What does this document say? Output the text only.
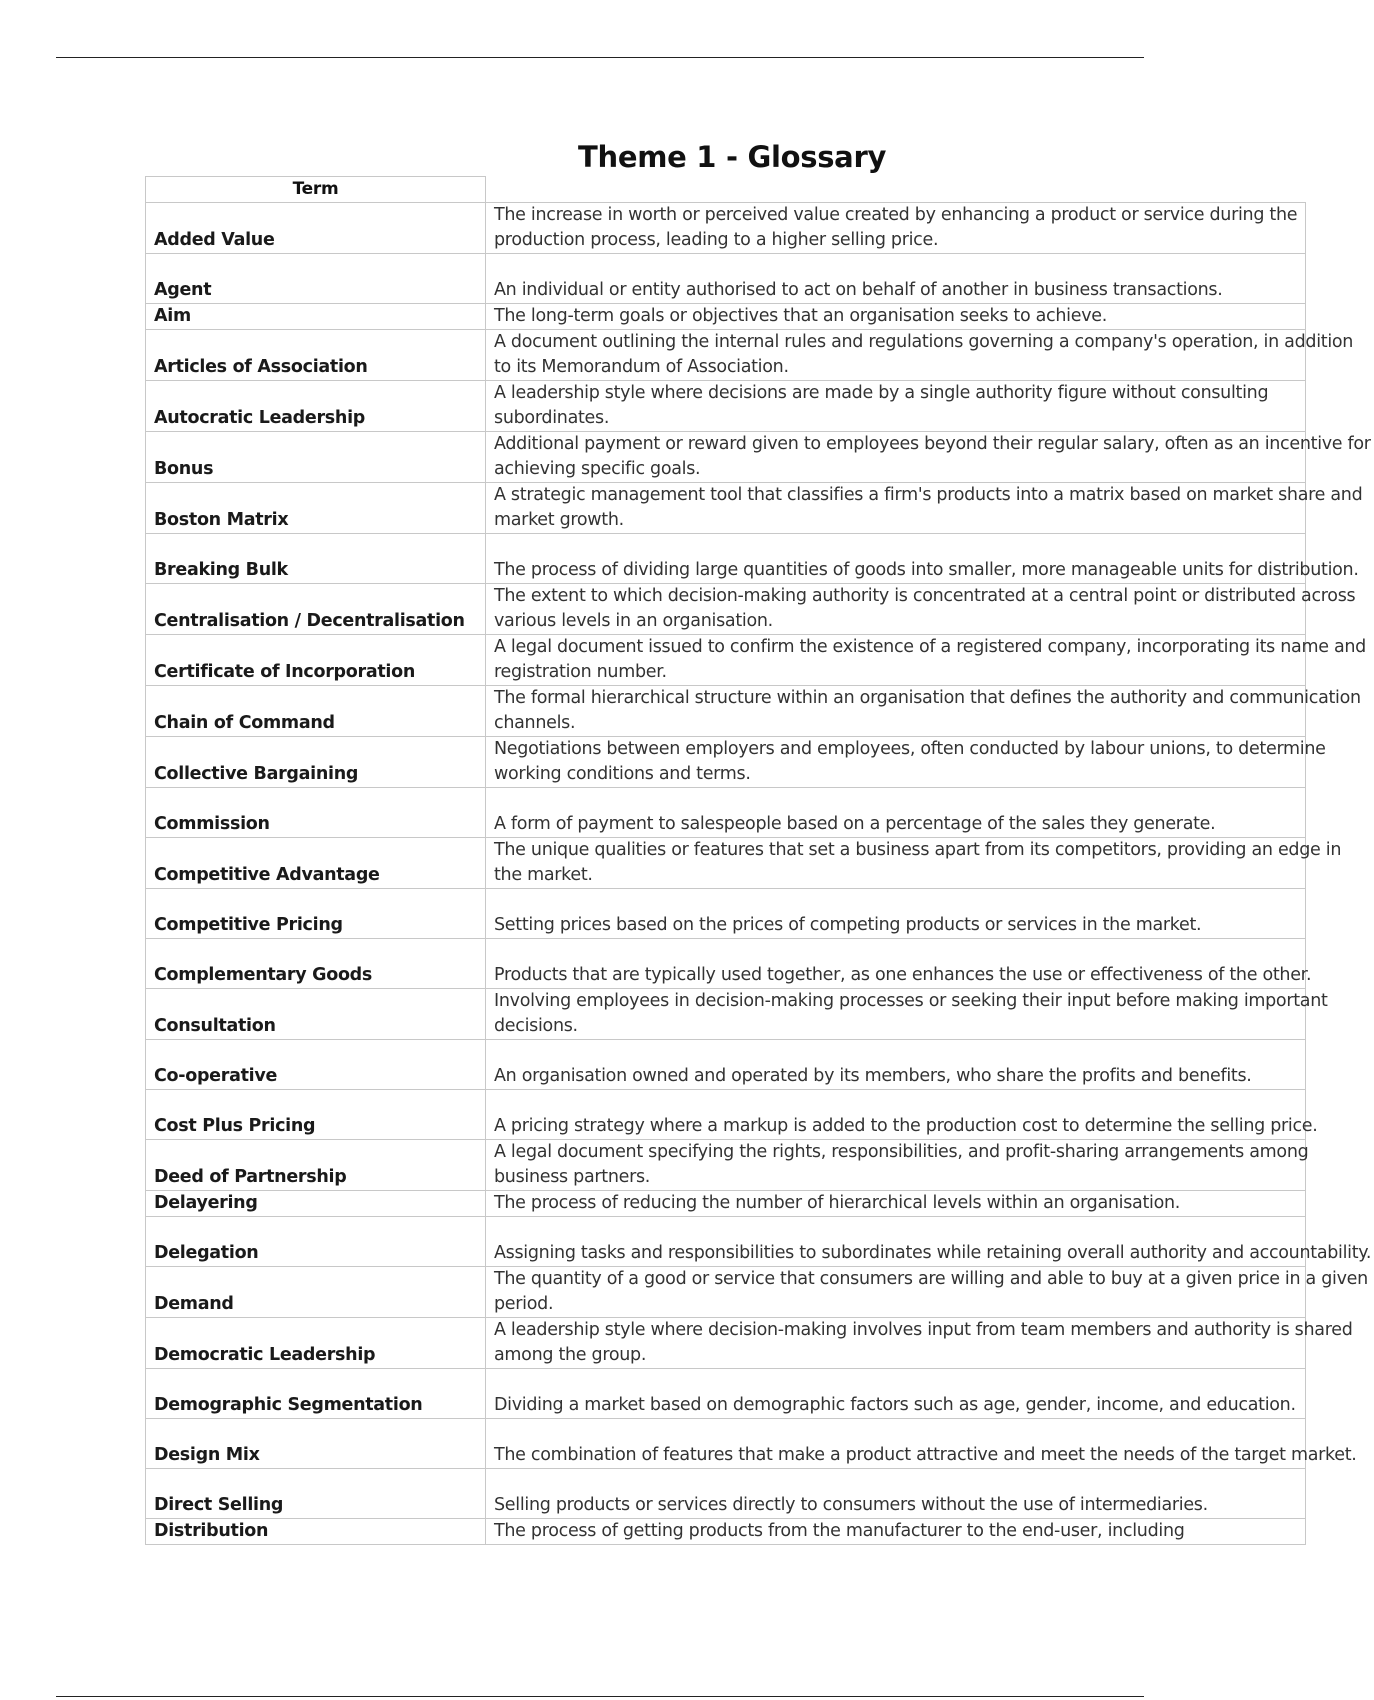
Theme 1 - Glossary
Term	
Added Value	The increase in worth or perceived value created by enhancing a product or service during the production process, leading to a higher selling price.

Agent	An individual or entity authorised to act on behalf of another in business transactions.

Aim	The long-term goals or objectives that an organisation seeks to achieve.

Articles of Association	A document outlining the internal rules and regulations governing a company's operation, in addition to its Memorandum of Association.

Autocratic Leadership	A leadership style where decisions are made by a single authority figure without consulting subordinates.

Bonus	Additional payment or reward given to employees beyond their regular salary, often as an incentive for achieving specific goals.

Boston Matrix	A strategic management tool that classifies a firm's products into a matrix based on market share and market growth.

Breaking Bulk	The process of dividing large quantities of goods into smaller, more manageable units for distribution.

Centralisation / Decentralisation	The extent to which decision-making authority is concentrated at a central point or distributed across various levels in an organisation.

Certificate of Incorporation	A legal document issued to confirm the existence of a registered company, incorporating its name and registration number.

Chain of Command	The formal hierarchical structure within an organisation that defines the authority and communication channels.

Collective Bargaining	Negotiations between employers and employees, often conducted by labour unions, to determine working conditions and terms.

Commission	A form of payment to salespeople based on a percentage of the sales they generate.

Competitive Advantage	The unique qualities or features that set a business apart from its competitors, providing an edge in the market.

Competitive Pricing	Setting prices based on the prices of competing products or services in the market.

Complementary Goods	Products that are typically used together, as one enhances the use or effectiveness of the other.

Consultation	Involving employees in decision-making processes or seeking their input before making important decisions.

Co-operative	An organisation owned and operated by its members, who share the profits and benefits.

Cost Plus Pricing	A pricing strategy where a markup is added to the production cost to determine the selling price.

Deed of Partnership	A legal document specifying the rights, responsibilities, and profit-sharing arrangements among business partners.

Delayering	The process of reducing the number of hierarchical levels within an organisation.

Delegation	Assigning tasks and responsibilities to subordinates while retaining overall authority and accountability.

Demand	The quantity of a good or service that consumers are willing and able to buy at a given price in a given period.

Democratic Leadership	A leadership style where decision-making involves input from team members and authority is shared among the group.

Demographic Segmentation	Dividing a market based on demographic factors such as age, gender, income, and education.

Design Mix	The combination of features that make a product attractive and meet the needs of the target market.

Direct Selling	Selling products or services directly to consumers without the use of intermediaries.

Distribution	The process of getting products from the manufacturer to the end-user, including
